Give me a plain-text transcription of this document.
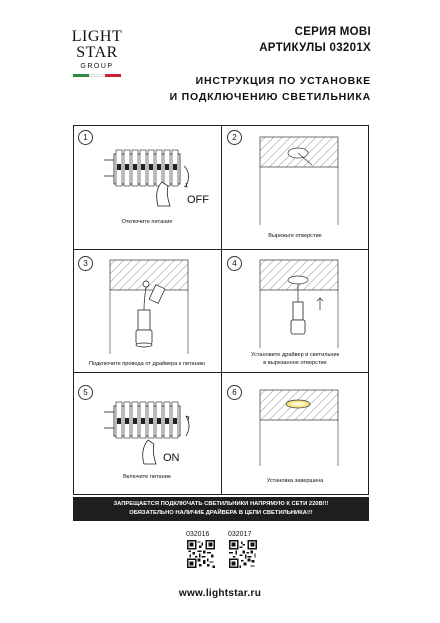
LIGHT
STAR
GROUP
СЕРИЯ MOBI
АРТИКУЛЫ 03201X
ИНСТРУКЦИЯ ПО УСТАНОВКЕ
И ПОДКЛЮЧЕНИЮ СВЕТИЛЬНИКА
1
OFF
Отключите питание
2
Вырежьте отверстие
3
Подключите провода от драйвера к питанию
4
Установите драйвер и светильник
в вырезанное отверстие
5
ON
Включите питание
6
Установка завершена
ЗАПРЕЩАЕТСЯ ПОДКЛЮЧАТЬ СВЕТИЛЬНИКИ НАПРЯМУЮ К СЕТИ 220В!!!
ОБЯЗАТЕЛЬНО НАЛИЧИЕ ДРАЙВЕРА В ЦЕПИ СВЕТИЛЬНИКА!!!
032016	032017
www.lightstar.ru
